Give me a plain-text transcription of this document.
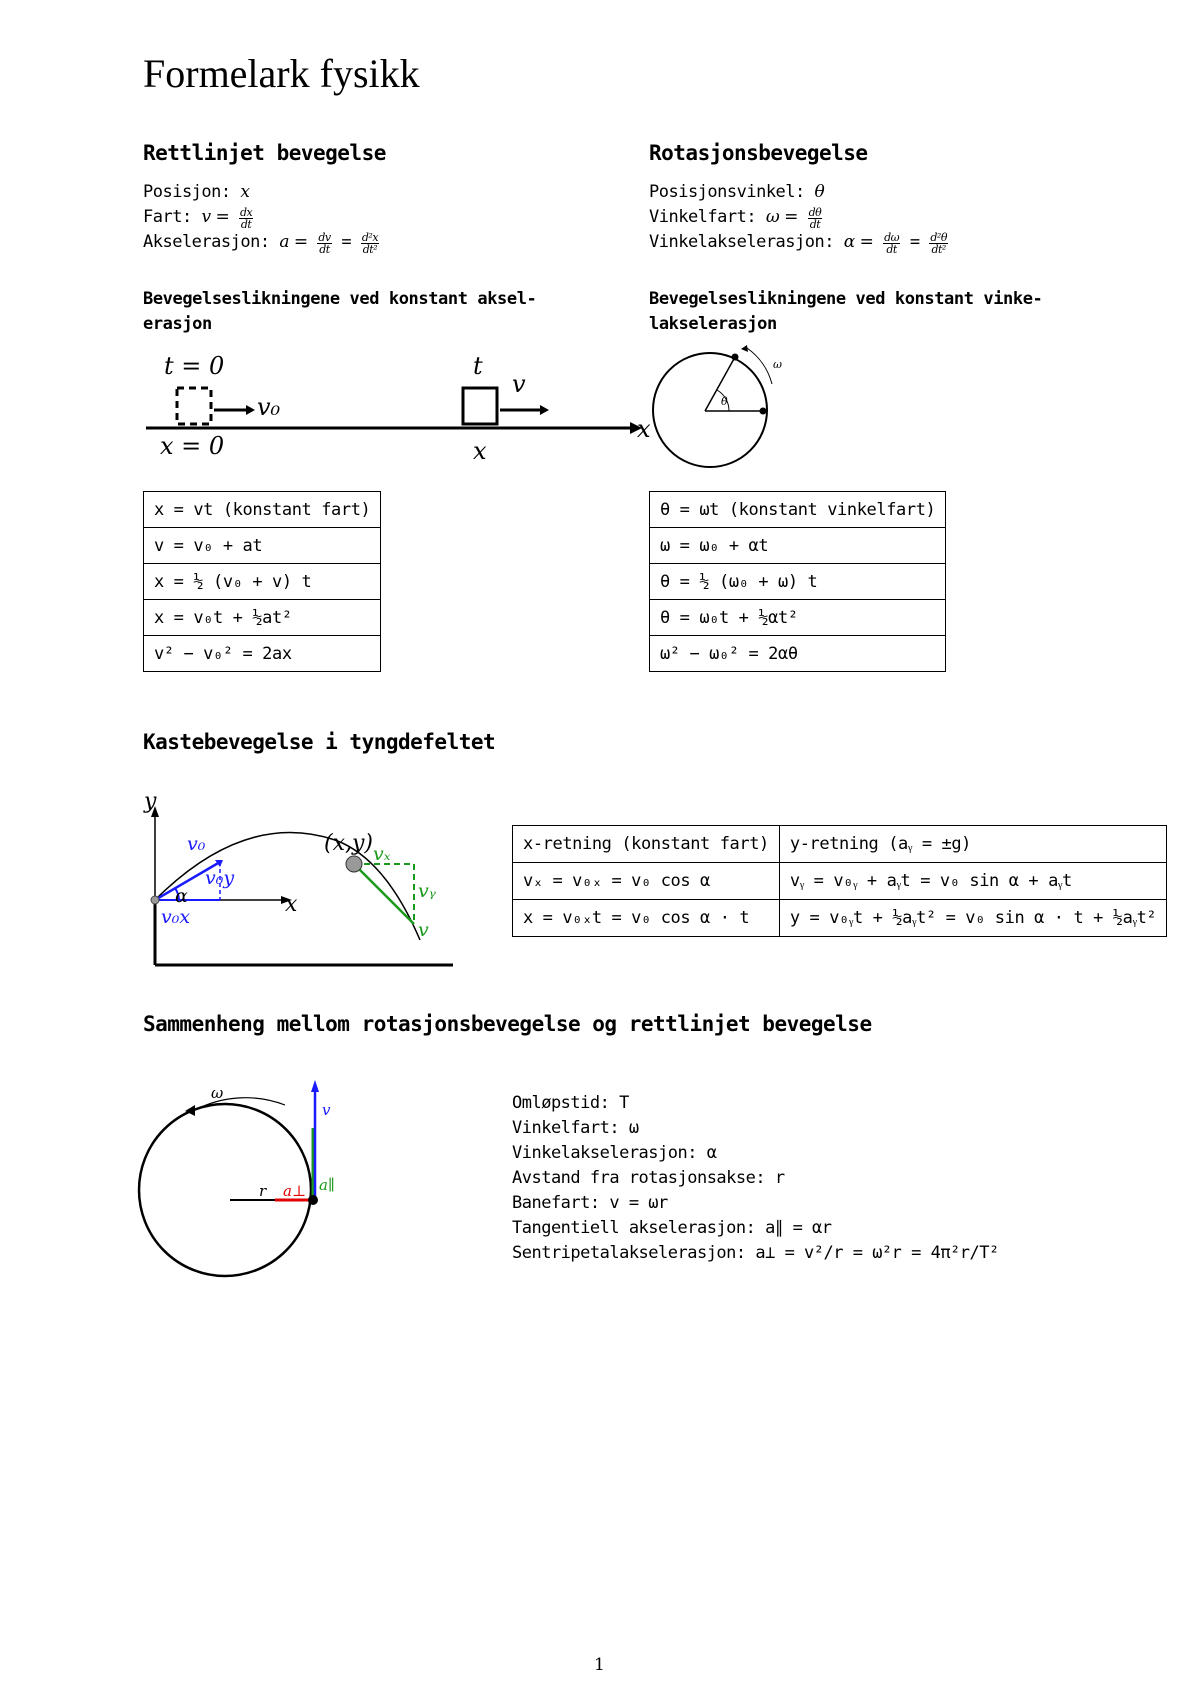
Formelark fysikk
Rettlinjet bevegelse
Posisjon: x
Fart: $v = \frac{dx}{dt}$
Akselerasjon: $a = \frac{dv}{dt} = \frac{\text{d²x}}{\text{dt²}}$
Bevegelseslikningene ved konstant aksel-
erasjon
t = 0
x = 0
v₀
t
v
x
x
x = vt (konstant fart)
v = v₀ + at
x = ½ (v₀ + v) t
x = v₀t + ½at²
v² − v₀² = 2ax
Rotasjonsbevegelse
Posisjonsvinkel: θ
Vinkelfart: $\omega = \frac{d\theta}{dt}$
Vinkelakselerasjon: $\alpha = \frac{d\omega}{dt} = \frac{\text{d²θ}}{\text{dt²}}$
Bevegelseslikningene ved konstant vinke-
lakselerasjon
θ
ω
θ = ωt (konstant vinkelfart)
ω = ω₀ + αt
θ = ½ (ω₀ + ω) t
θ = ω₀t + ½αt²
ω² − ω₀² = 2αθ
Kastebevegelse i tyngdefeltet
y
x
v₀
v₀y
v₀x
α
(x,y) vₓ
vᵧ
v
x-retning (konstant fart)	y-retning (aᵧ = ±g)
vₓ = v₀ₓ = v₀ cos α	vᵧ = v₀ᵧ + aᵧt = v₀ sin α + aᵧt
x = v₀ₓt = v₀ cos α · t	y = v₀ᵧt + ½aᵧt² = v₀ sin α · t + ½aᵧt²
Sammenheng mellom rotasjonsbevegelse og rettlinjet bevegelse
ω
v
r a⊥ a∥
Omløpstid: T
Vinkelfart: ω
Vinkelakselerasjon: α
Avstand fra rotasjonsakse: r
Banefart: v = ωr
Tangentiell akselerasjon: a∥ = αr
Sentripetalakselerasjon: a⊥ = v²/r = ω²r = 4π²r/T²
1
